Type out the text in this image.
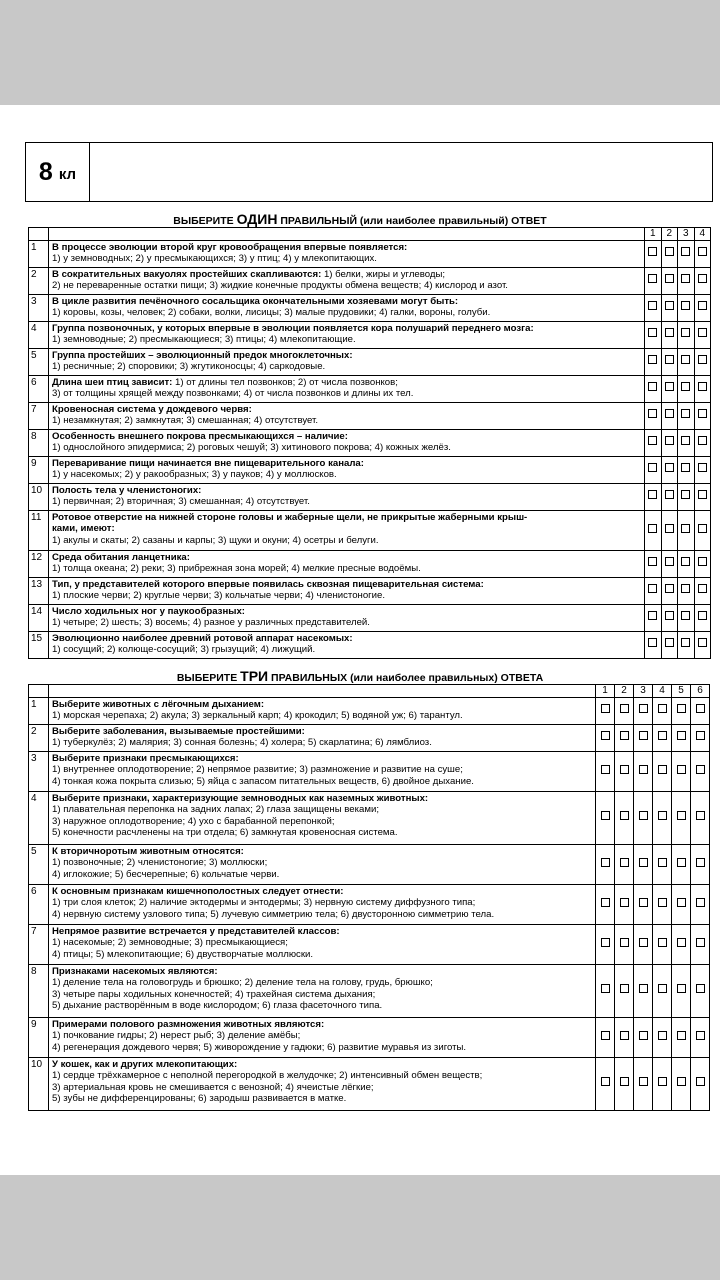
8 кл
ВЫБЕРИТЕ ОДИН ПРАВИЛЬНЫЙ (или наиболее правильный) ОТВЕТ
		1	2	3	4
1	В процессе эволюции второй круг кровообращения впервые появляется:
1) у земноводных; 2) у пресмыкающихся; 3) у птиц; 4) у млекопитающих.				

2	В сократительных вакуолях простейших скапливаются: 1) белки, жиры и углеводы;
2) не переваренные остатки пищи; 3) жидкие конечные продукты обмена веществ; 4) кислород и азот.				

3	В цикле развития печёночного сосальщика окончательными хозяевами могут быть:
1) коровы, козы, человек; 2) собаки, волки, лисицы; 3) малые прудовики; 4) галки, вороны, голуби.				

4	Группа позвоночных, у которых впервые в эволюции появляется кора полушарий переднего мозга:
1) земноводные; 2) пресмыкающиеся; 3) птицы; 4) млекопитающие.				

5	Группа простейших – эволюционный предок многоклеточных:
1) ресничные; 2) споровики; 3) жгутиконосцы; 4) саркодовые.				

6	Длина шеи птиц зависит: 1) от длины тел позвонков; 2) от числа позвонков;
3) от толщины хрящей между позвонками; 4) от числа позвонков и длины их тел.				

7	Кровеносная система у дождевого червя:
1) незамкнутая; 2) замкнутая; 3) смешанная; 4) отсутствует.				

8	Особенность внешнего покрова пресмыкающихся – наличие:
1) однослойного эпидермиса; 2) роговых чешуй; 3) хитинового покрова; 4) кожных желёз.				

9	Переваривание пищи начинается вне пищеварительного канала:
1) у насекомых; 2) у ракообразных; 3) у пауков; 4) у моллюсков.				

10	Полость тела у членистоногих:
1) первичная; 2) вторичная; 3) смешанная; 4) отсутствует.				

11	Ротовое отверстие на нижней стороне головы и жаберные щели, не прикрытые жаберными крыш-
ками, имеют:
1) акулы и скаты; 2) сазаны и карпы; 3) щуки и окуни; 4) осетры и белуги.				

12	Среда обитания ланцетника:
1) толща океана; 2) реки; 3) прибрежная зона морей; 4) мелкие пресные водоёмы.				

13	Тип, у представителей которого впервые появилась сквозная пищеварительная система:
1) плоские черви; 2) круглые черви; 3) кольчатые черви; 4) членистоногие.				

14	Число ходильных ног у паукообразных:
1) четыре; 2) шесть; 3) восемь; 4) разное у различных представителей.				

15	Эволюционно наиболее древний ротовой аппарат насекомых:
1) сосущий; 2) колюще-сосущий; 3) грызущий; 4) лижущий.				

ВЫБЕРИТЕ ТРИ ПРАВИЛЬНЫХ (или наиболее правильных) ОТВЕТА
		1	2	3	4	5	6
1	Выберите животных с лёгочным дыханием:
1) морская черепаха; 2) акула; 3) зеркальный карп; 4) крокодил; 5) водяной уж; 6) тарантул.						

2	Выберите заболевания, вызываемые простейшими:
1) туберкулёз; 2) малярия; 3) сонная болезнь; 4) холера; 5) скарлатина; 6) лямблиоз.						

3	Выберите признаки пресмыкающихся:
1) внутреннее оплодотворение; 2) непрямое развитие; 3) размножение и развитие на суше;
4) тонкая кожа покрыта слизью; 5) яйца с запасом питательных веществ, 6) двойное дыхание.						

4	Выберите признаки, характеризующие земноводных как наземных животных:
1) плавательная перепонка на задних лапах; 2) глаза защищены веками;
3) наружное оплодотворение; 4) ухо с барабанной перепонкой;
5) конечности расчленены на три отдела; 6) замкнутая кровеносная система.						

5	К вторичноротым животным относятся:
1) позвоночные; 2) членистоногие; 3) моллюски;
4) иглокожие; 5) бесчерепные; 6) кольчатые черви.						

6	К основным признакам кишечнополостных следует отнести:
1) три слоя клеток; 2) наличие эктодермы и энтодермы; 3) нервную систему диффузного типа;
4) нервную систему узлового типа; 5) лучевую симметрию тела; 6) двусторонною симметрию тела.						

7	Непрямое развитие встречается у представителей классов:
1) насекомые; 2) земноводные; 3) пресмыкающиеся;
4) птицы; 5) млекопитающие; 6) двустворчатые моллюски.						

8	Признаками насекомых являются:
1) деление тела на головогрудь и брюшко; 2) деление тела на голову, грудь, брюшко;
3) четыре пары ходильных конечностей; 4) трахейная система дыхания;
5) дыхание растворённым в воде кислородом; 6) глаза фасеточного типа.						

9	Примерами полового размножения животных являются:
1) почкование гидры; 2) нерест рыб; 3) деление амёбы;
4) регенерация дождевого червя; 5) живорождение у гадюки; 6) развитие муравья из зиготы.						

10	У кошек, как и других млекопитающих:
1) сердце трёхкамерное с неполной перегородкой в желудочке; 2) интенсивный обмен веществ;
3) артериальная кровь не смешивается с венозной; 4) ячеистые лёгкие;
5) зубы не дифференцированы; 6) зародыш развивается в матке.						
